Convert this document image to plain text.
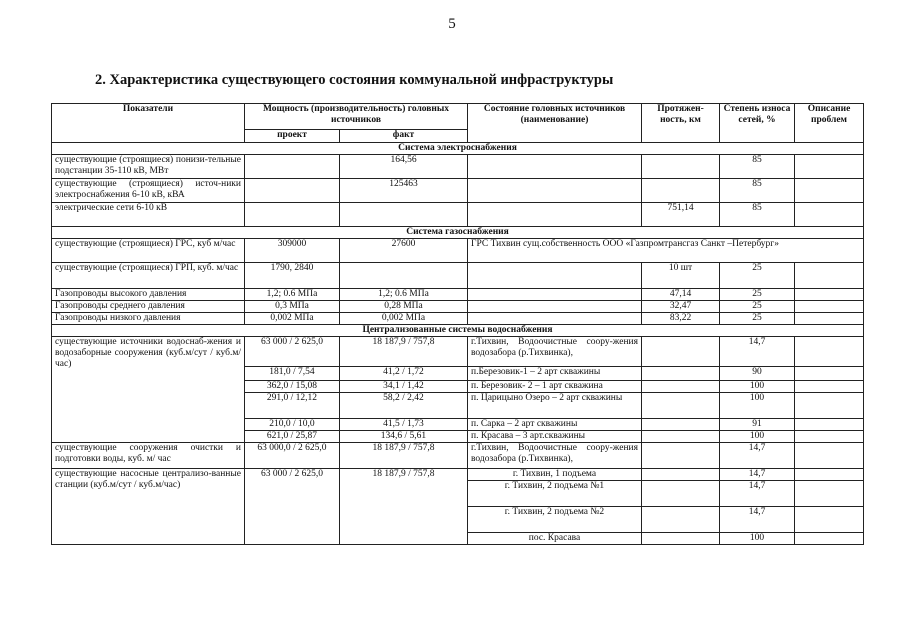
5
2. Характеристика существующего состояния коммунальной инфраструктуры
Показатели	Мощность (производительность) головных источников		Состояние головных источников (наименование)	Протяжен-ность, км	Степень износа сетей, %	Описание проблем
	проект	факт				
Система электроснабжения						
существующие (строящиеся) понизи-тельные подстанции 35-110 кВ, МВт		164,56			85	
существующие (строящиеся) источ-ники электроснабжения 6-10 кВ, кВА		125463			85	
электрические сети 6-10 кВ				751,14	85	
Система газоснабжения						
существующие (строящиеся) ГРС, куб м/час	309000	27600	ГРС Тихвин сущ.собственность ООО «Газпромтрансгаз Санкт –Петербург»			
существующие (строящиеся) ГРП, куб. м/час	1790, 2840			10 шт	25	
Газопроводы высокого давления	1,2; 0.6 МПа	1,2; 0.6 МПа		47,14	25	
Газопроводы среднего давления	0,3 МПа	0,28 МПа		32,47	25	
Газопроводы низкого давления	0,002 МПа	0,002 МПа		83,22	25	
Централизованные системы водоснабжения						
существующие источники водоснаб-жения и водозаборные сооружения (куб.м/сут / куб.м/час)	63 000 / 2 625,0	18 187,9 / 757,8	г.Тихвин, Водоочистные соору-жения водозабора (р.Тихвинка),		14,7	
	181,0 / 7,54	41,2 / 1,72	п.Березовик-1 – 2 арт скважины		90	
	362,0 / 15,08	34,1 / 1,42	п. Березовик- 2 – 1 арт скважина		100	
	291,0 / 12,12	58,2 / 2,42	п. Царицыно Озеро – 2 арт скважины		100	
	210,0 / 10,0	41,5 / 1,73	п. Сарка – 2 арт скважины		91	
	621,0 / 25,87	134,6 / 5,61	п. Красава – 3 арт.скважины		100	
существующие сооружения очистки и подготовки воды, куб. м/ час	63 000,0 / 2 625,0	18 187,9 / 757,8	г.Тихвин, Водоочистные соору-жения водозабора (р.Тихвинка),		14,7	
существующие насосные централизо-ванные станции (куб.м/сут / куб.м/час)	63 000 / 2 625,0	18 187,9 / 757,8	г. Тихвин, 1 подъема		14,7	
			г. Тихвин, 2 подъема №1		14,7	
			г. Тихвин, 2 подъема №2		14,7	
			пос. Красава		100	
